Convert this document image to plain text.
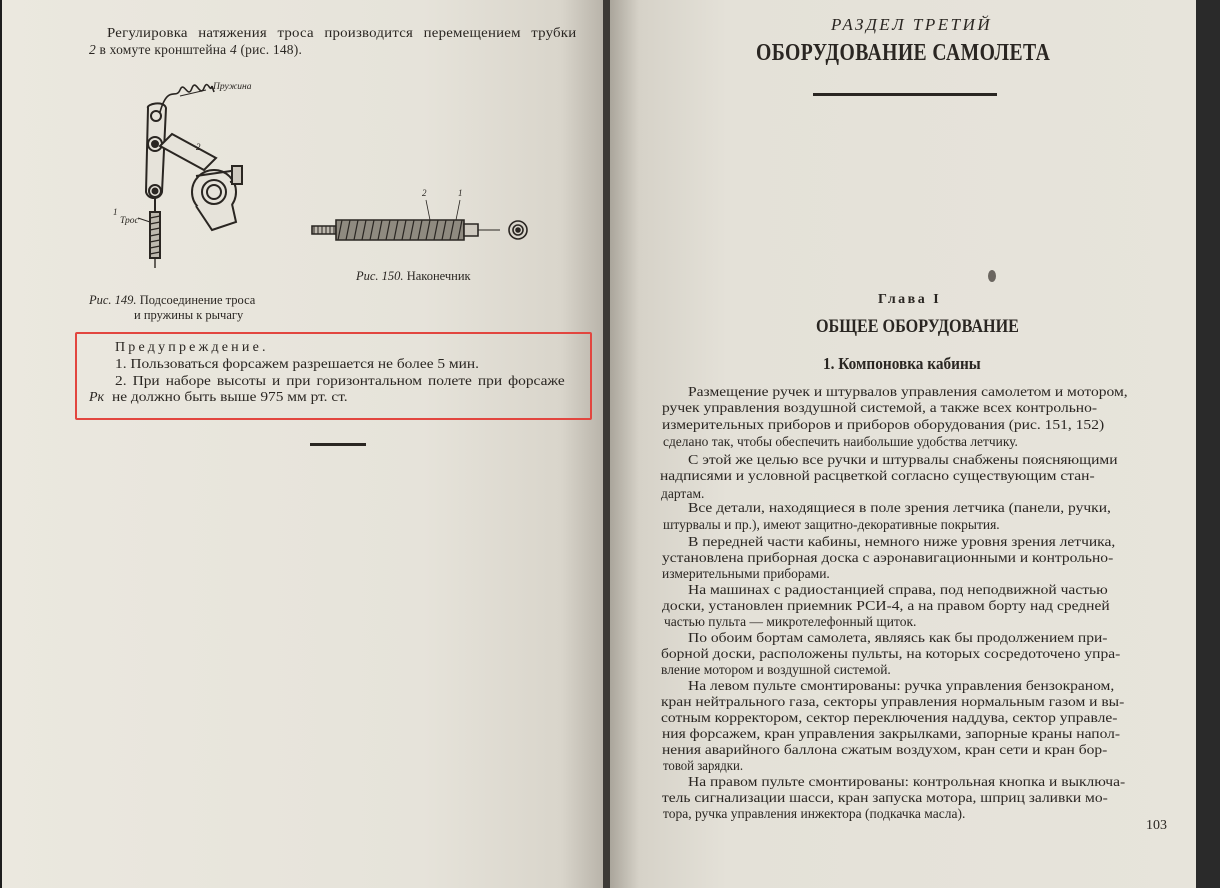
Регулировка натяжения троса производится перемещением трубки
2 в хомуте кронштейна 4 (рис. 148).
Пружина
Трос
1
2
Рис. 149. Подсоединение троса
и пружины к рычагу
2	1
Рис. 150. Наконечник
Предупреждение.
1. Пользоваться форсажем разрешается не более 5 мин.
2. При наборе высоты и при горизонтальном полете при форсаже
Pк не должно быть выше 975 мм рт. ст.
РАЗДЕЛ ТРЕТИЙ
ОБОРУДОВАНИЕ САМОЛЕТА
Глава I
ОБЩЕЕ ОБОРУДОВАНИЕ
1. Компоновка кабины
Размещение ручек и штурвалов управления самолетом и мотором,
ручек управления воздушной системой, а также всех контрольно-
измерительных приборов и приборов оборудования (рис. 151, 152)
сделано так, чтобы обеспечить наибольшие удобства летчику.
С этой же целью все ручки и штурвалы снабжены поясняющими
надписями и условной расцветкой согласно существующим стан-
дартам.
Все детали, находящиеся в поле зрения летчика (панели, ручки,
штурвалы и пр.), имеют защитно-декоративные покрытия.
В передней части кабины, немного ниже уровня зрения летчика,
установлена приборная доска с аэронавигационными и контрольно-
измерительными приборами.
На машинах с радиостанцией справа, под неподвижной частью
доски, установлен приемник РСИ-4, а на правом борту над средней
частью пульта — микротелефонный щиток.
По обоим бортам самолета, являясь как бы продолжением при-
борной доски, расположены пульты, на которых сосредоточено упра-
вление мотором и воздушной системой.
На левом пульте смонтированы: ручка управления бензокраном,
кран нейтрального газа, секторы управления нормальным газом и вы-
сотным корректором, сектор переключения наддува, сектор управле-
ния форсажем, кран управления закрылками, запорные краны напол-
нения аварийного баллона сжатым воздухом, кран сети и кран бор-
товой зарядки.
На правом пульте смонтированы: контрольная кнопка и выключа-
тель сигнализации шасси, кран запуска мотора, шприц заливки мо-
тора, ручка управления инжектора (подкачка масла).
103
